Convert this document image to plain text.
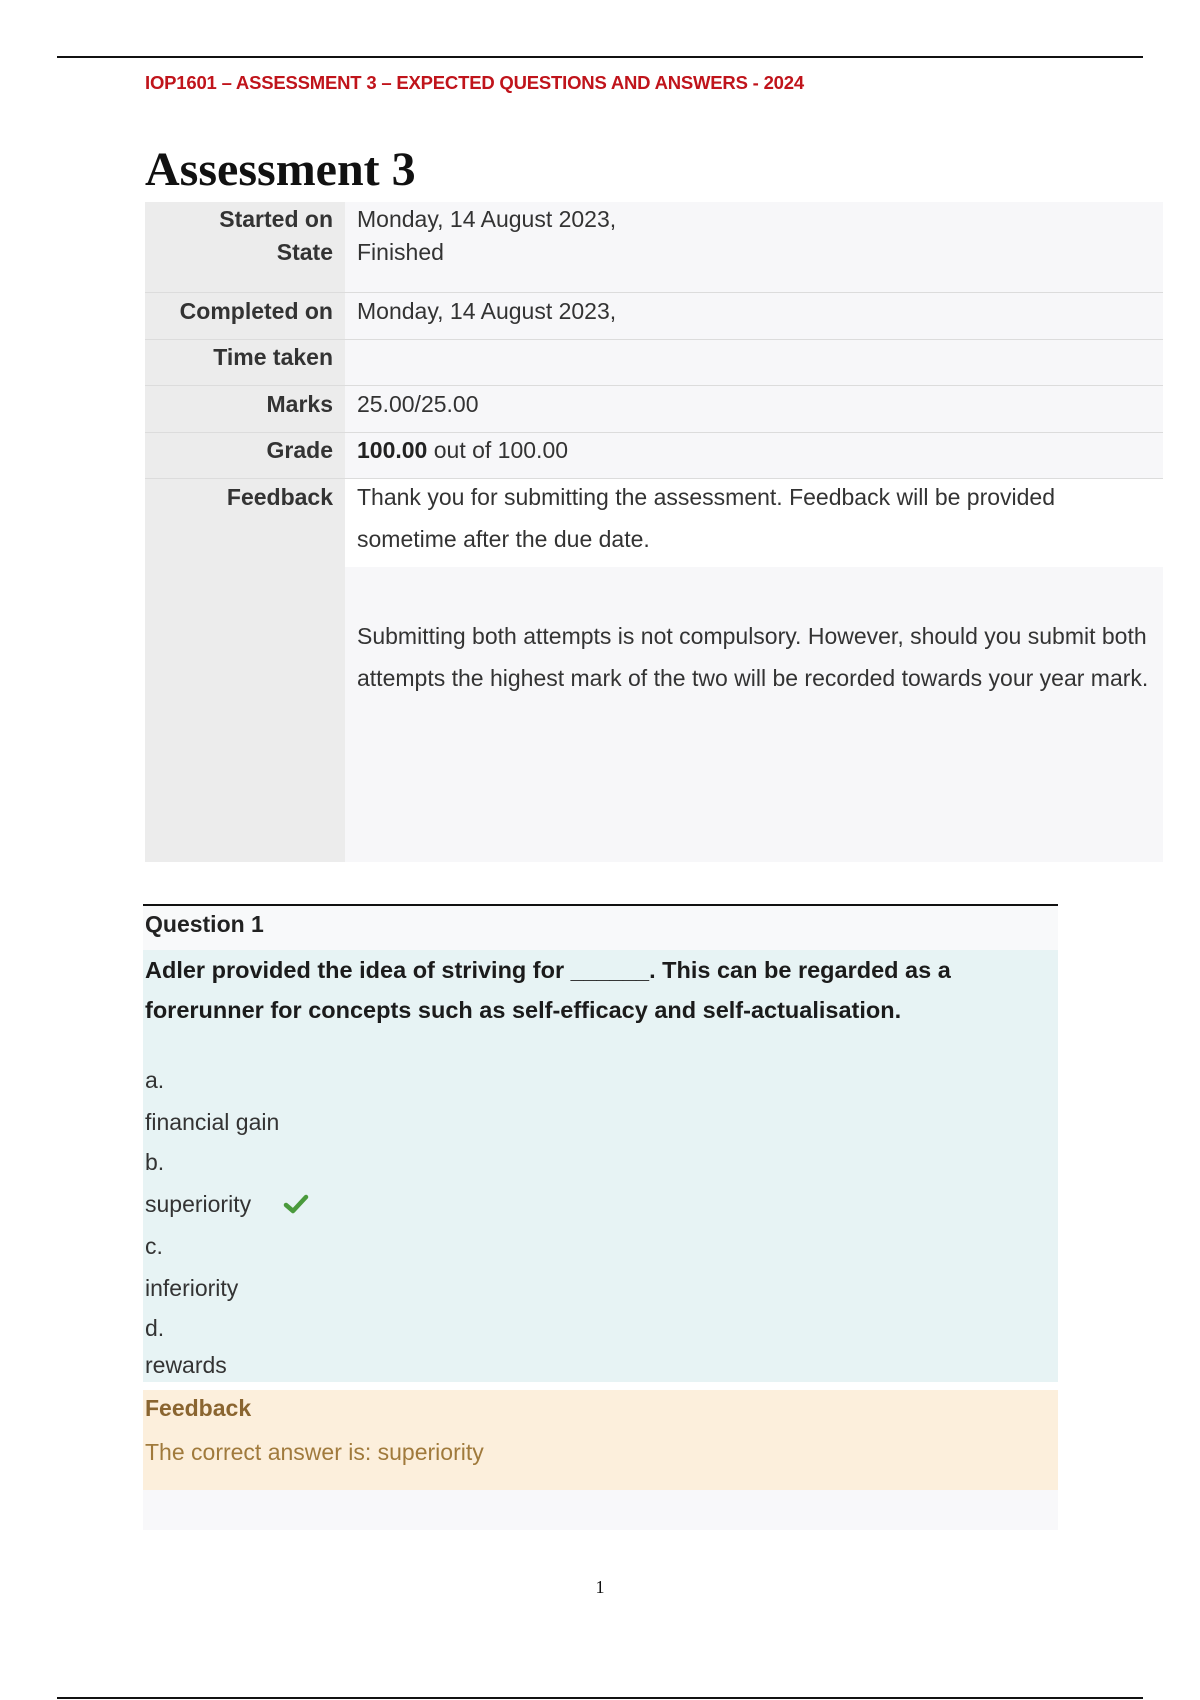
IOP1601 – ASSESSMENT 3 – EXPECTED QUESTIONS AND ANSWERS - 2024
Assessment 3
Started on Monday, 14 August 2023,
State Finished
Completed on Monday, 14 August 2023,
Time taken
Marks 25.00/25.00
Grade 100.00 out of 100.00
Feedback Thank you for submitting the assessment. Feedback will be provided sometime after the due date.
Submitting both attempts is not compulsory. However, should you submit both attempts the highest mark of the two will be recorded towards your year mark.
Question 1
Adler provided the idea of striving for ______. This can be regarded as a forerunner for concepts such as self-efficacy and self-actualisation.
a.
financial gain
b.
superiority
c.
inferiority
d.
rewards
Feedback
The correct answer is: superiority
1
